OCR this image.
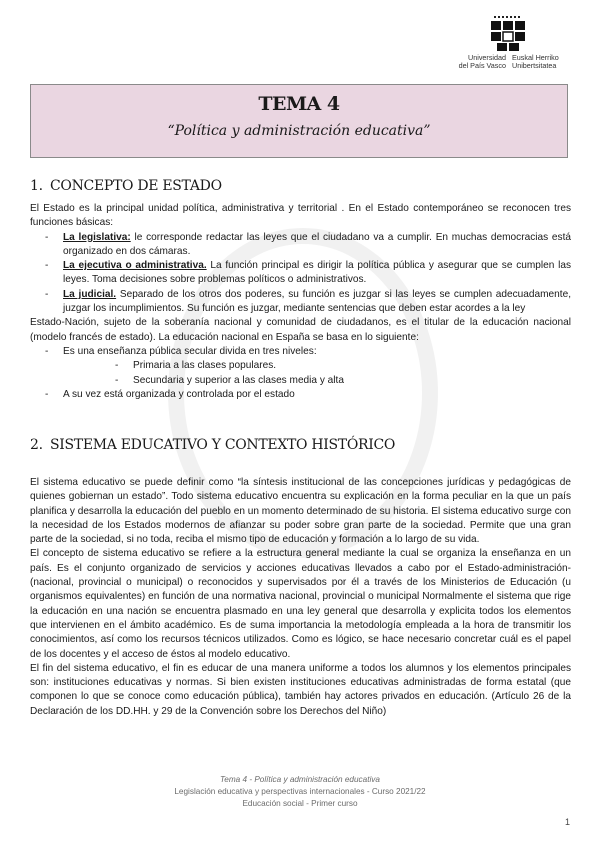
Universidad
del País Vasco
Euskal Herriko
Unibertsitatea
TEMA 4
“Política y administración educativa”
1. CONCEPTO DE ESTADO

El Estado es la principal unidad política, administrativa y territorial . En el Estado contemporáneo se reconocen tres funciones básicas:

- La legislativa: le corresponde redactar las leyes que el ciudadano va a cumplir. En muchas democracias está organizado en dos cámaras.
- La ejecutiva o administrativa. La función principal es dirigir la política pública y asegurar que se cumplen las leyes. Toma decisiones sobre problemas políticos o administrativos.
- La judicial. Separado de los otros dos poderes, su función es juzgar si las leyes se cumplen adecuadamente, juzgar los incumplimientos. Su función es juzgar, mediante sentencias que deben estar acordes a la ley

Estado-Nación, sujeto de la soberanía nacional y comunidad de ciudadanos, es el titular de la educación nacional (modelo francés de estado). La educación nacional en España se basa en lo siguiente:

- Es una enseñanza pública secular divida en tres niveles:
- Primaria a las clases populares.
- Secundaria y superior a las clases media y alta
- A su vez está organizada y controlada por el estado
2. SISTEMA EDUCATIVO Y CONTEXTO HISTÓRICO

El sistema educativo se puede definir como “la síntesis institucional de las concepciones jurídicas y pedagógicas de quienes gobiernan un estado”. Todo sistema educativo encuentra su explicación en la forma peculiar en la que un país planifica y desarrolla la educación del pueblo en un momento determinado de su historia. El sistema educativo surge con la necesidad de los Estados modernos de afianzar su poder sobre gran parte de la sociedad. Permite que una gran parte de la sociedad, si no toda, reciba el mismo tipo de educación y formación a lo largo de su vida.

El concepto de sistema educativo se refiere a la estructura general mediante la cual se organiza la enseñanza en un país. Es el conjunto organizado de servicios y acciones educativas llevados a cabo por el Estado-administración- (nacional, provincial o municipal) o reconocidos y supervisados por él a través de los Ministerios de Educación (u organismos equivalentes) en función de una normativa nacional, provincial o municipal Normalmente el sistema que rige la educación en una nación se encuentra plasmado en una ley general que desarrolla y explicita todos los elementos que intervienen en el ámbito académico. Es de suma importancia la metodología empleada a la hora de transmitir los conocimientos, así como los recursos técnicos utilizados. Como es lógico, se hace necesario concretar cuál es el papel de los docentes y el acceso de éstos al modelo educativo.

El fin del sistema educativo, el fin es educar de una manera uniforme a todos los alumnos y los elementos principales son: instituciones educativas y normas. Si bien existen instituciones educativas administradas de forma estatal (que componen lo que se conoce como educación pública), también hay actores privados en educación. (Artículo 26 de la Declaración de los DD.HH. y 29 de la Convención sobre los Derechos del Niño)

Tema 4 - Política y administración educativa
Legislación educativa y perspectivas internacionales - Curso 2021/22
Educación social - Primer curso
1
